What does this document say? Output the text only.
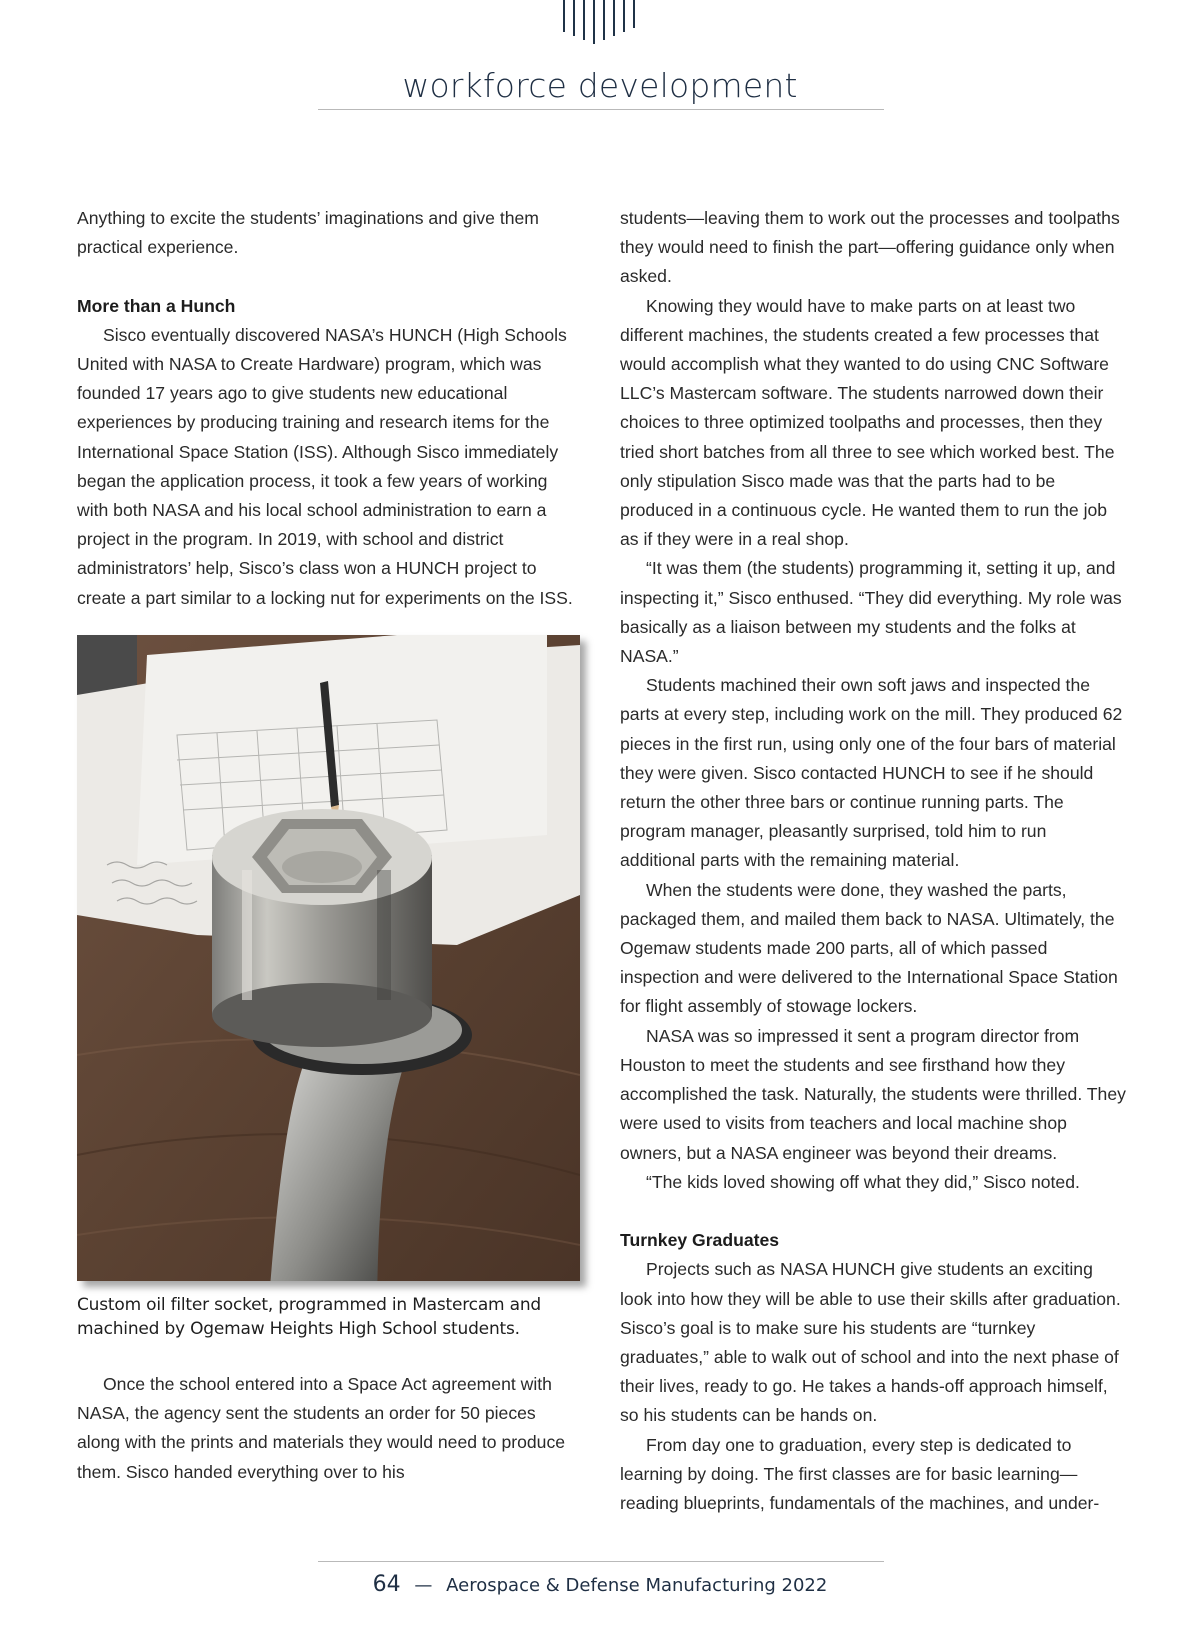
workforce development

Anything to excite the students’ imaginations and give them practical experience.

More than a Hunch

Sisco eventually discovered NASA’s HUNCH (High Schools United with NASA to Create Hardware) program, which was founded 17 years ago to give students new educational experiences by producing training and research items for the International Space Station (ISS). Although Sisco immediately began the application process, it took a few years of working with both NASA and his local school administration to earn a project in the program. In 2019, with school and district administrators’ help, Sisco’s class won a HUNCH project to create a part similar to a locking nut for experiments on the ISS.

Custom oil filter socket, programmed in Mastercam and machined by Ogemaw Heights High School students.

Once the school entered into a Space Act agreement with NASA, the agency sent the students an order for 50 pieces along with the prints and materials they would need to produce them. Sisco handed everything over to his

students—leaving them to work out the processes and toolpaths they would need to finish the part—offering guidance only when asked.

Knowing they would have to make parts on at least two different machines, the students created a few processes that would accomplish what they wanted to do using CNC Software LLC’s Mastercam software. The students narrowed down their choices to three optimized toolpaths and processes, then they tried short batches from all three to see which worked best. The only stipulation Sisco made was that the parts had to be produced in a continuous cycle. He wanted them to run the job as if they were in a real shop.

“It was them (the students) programming it, setting it up, and inspecting it,” Sisco enthused. “They did everything. My role was basically as a liaison between my students and the folks at NASA.”

Students machined their own soft jaws and inspected the parts at every step, including work on the mill. They produced 62 pieces in the first run, using only one of the four bars of material they were given. Sisco contacted HUNCH to see if he should return the other three bars or continue running parts. The program manager, pleasantly surprised, told him to run additional parts with the remaining material.

When the students were done, they washed the parts, packaged them, and mailed them back to NASA. Ultimately, the Ogemaw students made 200 parts, all of which passed inspection and were delivered to the International Space Station for flight assembly of stowage lockers.

NASA was so impressed it sent a program director from Houston to meet the students and see firsthand how they accomplished the task. Naturally, the students were thrilled. They were used to visits from teachers and local machine shop owners, but a NASA engineer was beyond their dreams.

“The kids loved showing off what they did,” Sisco noted.

Turnkey Graduates

Projects such as NASA HUNCH give students an exciting look into how they will be able to use their skills after graduation. Sisco’s goal is to make sure his students are “turnkey graduates,” able to walk out of school and into the next phase of their lives, ready to go. He takes a hands-off approach himself, so his students can be hands on.

From day one to graduation, every step is dedicated to learning by doing. The first classes are for basic learning—reading blueprints, fundamentals of the machines, and under-

64 — Aerospace & Defense Manufacturing 2022
